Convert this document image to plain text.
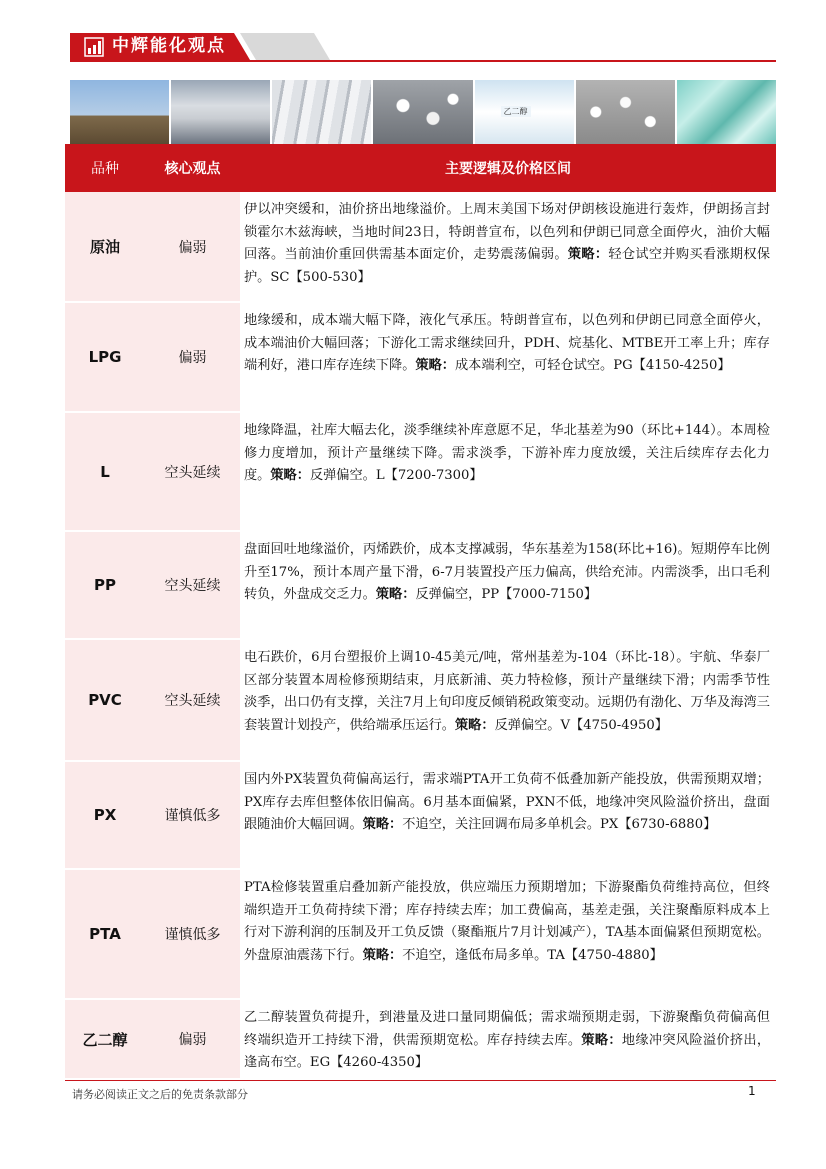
中辉能化观点
乙二醇
品种	核心观点	主要逻辑及价格区间
原油	偏弱
伊以冲突缓和，油价挤出地缘溢价。上周末美国下场对伊朗核设施进行轰炸，伊朗扬言封锁霍尔木兹海峡，当地时间23日，特朗普宣布，以色列和伊朗已同意全面停火，油价大幅回落。当前油价重回供需基本面定价，走势震荡偏弱。策略：轻仓试空并购买看涨期权保护。SC【500-530】
LPG	偏弱
地缘缓和，成本端大幅下降，液化气承压。特朗普宣布，以色列和伊朗已同意全面停火，成本端油价大幅回落；下游化工需求继续回升，PDH、烷基化、MTBE开工率上升；库存端利好，港口库存连续下降。策略：成本端利空，可轻仓试空。PG【4150-4250】
L	空头延续
地缘降温，社库大幅去化，淡季继续补库意愿不足，华北基差为90（环比+144）。本周检修力度增加，预计产量继续下降。需求淡季，下游补库力度放缓，关注后续库存去化力度。策略：反弹偏空。L【7200-7300】
PP	空头延续
盘面回吐地缘溢价，丙烯跌价，成本支撑减弱，华东基差为158(环比+16)。短期停车比例升至17%，预计本周产量下滑，6-7月装置投产压力偏高，供给充沛。内需淡季，出口毛利转负，外盘成交乏力。策略：反弹偏空，PP【7000-7150】
PVC	空头延续
电石跌价，6月台塑报价上调10-45美元/吨，常州基差为-104（环比-18）。宇航、华泰厂区部分装置本周检修预期结束，月底新浦、英力特检修，预计产量继续下滑；内需季节性淡季，出口仍有支撑，关注7月上旬印度反倾销税政策变动。远期仍有渤化、万华及海湾三套装置计划投产，供给端承压运行。策略：反弹偏空。V【4750-4950】
PX	谨慎低多
国内外PX装置负荷偏高运行，需求端PTA开工负荷不低叠加新产能投放，供需预期双增；PX库存去库但整体依旧偏高。6月基本面偏紧，PXN不低，地缘冲突风险溢价挤出，盘面跟随油价大幅回调。策略：不追空，关注回调布局多单机会。PX【6730-6880】
PTA	谨慎低多
PTA检修装置重启叠加新产能投放，供应端压力预期增加；下游聚酯负荷维持高位，但终端织造开工负荷持续下滑；库存持续去库；加工费偏高，基差走强，关注聚酯原料成本上行对下游利润的压制及开工负反馈（聚酯瓶片7月计划减产），TA基本面偏紧但预期宽松。外盘原油震荡下行。策略：不追空，逢低布局多单。TA【4750-4880】
乙二醇	偏弱
乙二醇装置负荷提升，到港量及进口量同期偏低；需求端预期走弱，下游聚酯负荷偏高但终端织造开工持续下滑，供需预期宽松。库存持续去库。策略：地缘冲突风险溢价挤出，逢高布空。EG【4260-4350】
请务必阅读正文之后的免责条款部分	1
